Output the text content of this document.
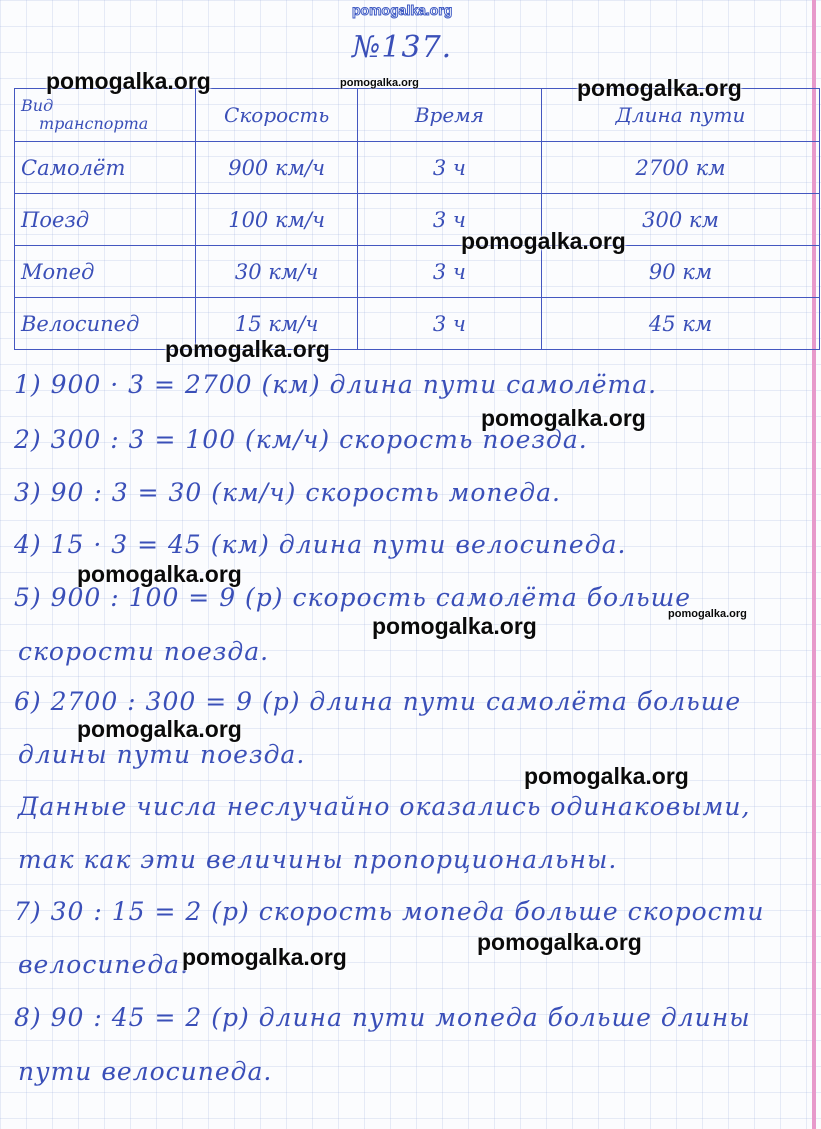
pomogalka.org
№137.
Вид
транспорта	Скорость	Время	Длина пути
Самолёт	900 км/ч	3 ч	2700 км
Поезд	100 км/ч	3 ч	300 км
Мопед	30 км/ч	3 ч	90 км
Велосипед	15 км/ч	3 ч	45 км
1) 900 · 3 = 2700 (км) длина пути самолёта.
2) 300 : 3 = 100 (км/ч) скорость поезда.
3) 90 : 3 = 30 (км/ч) скорость мопеда.
4) 15 · 3 = 45 (км) длина пути велосипеда.
5) 900 : 100 = 9 (р) скорость самолёта больше
скорости поезда.
6) 2700 : 300 = 9 (р) длина пути самолёта больше
длины пути поезда.
Данные числа неслучайно оказались одинаковыми,
так как эти величины пропорциональны.
7) 30 : 15 = 2 (р) скорость мопеда больше скорости
велосипеда.
8) 90 : 45 = 2 (р) длина пути мопеда больше длины
пути велосипеда.
pomogalka.org	pomogalka.org	pomogalka.org
pomogalka.org
pomogalka.org
pomogalka.org
pomogalka.org
pomogalka.org	pomogalka.org
pomogalka.org
pomogalka.org
pomogalka.org
pomogalka.org
